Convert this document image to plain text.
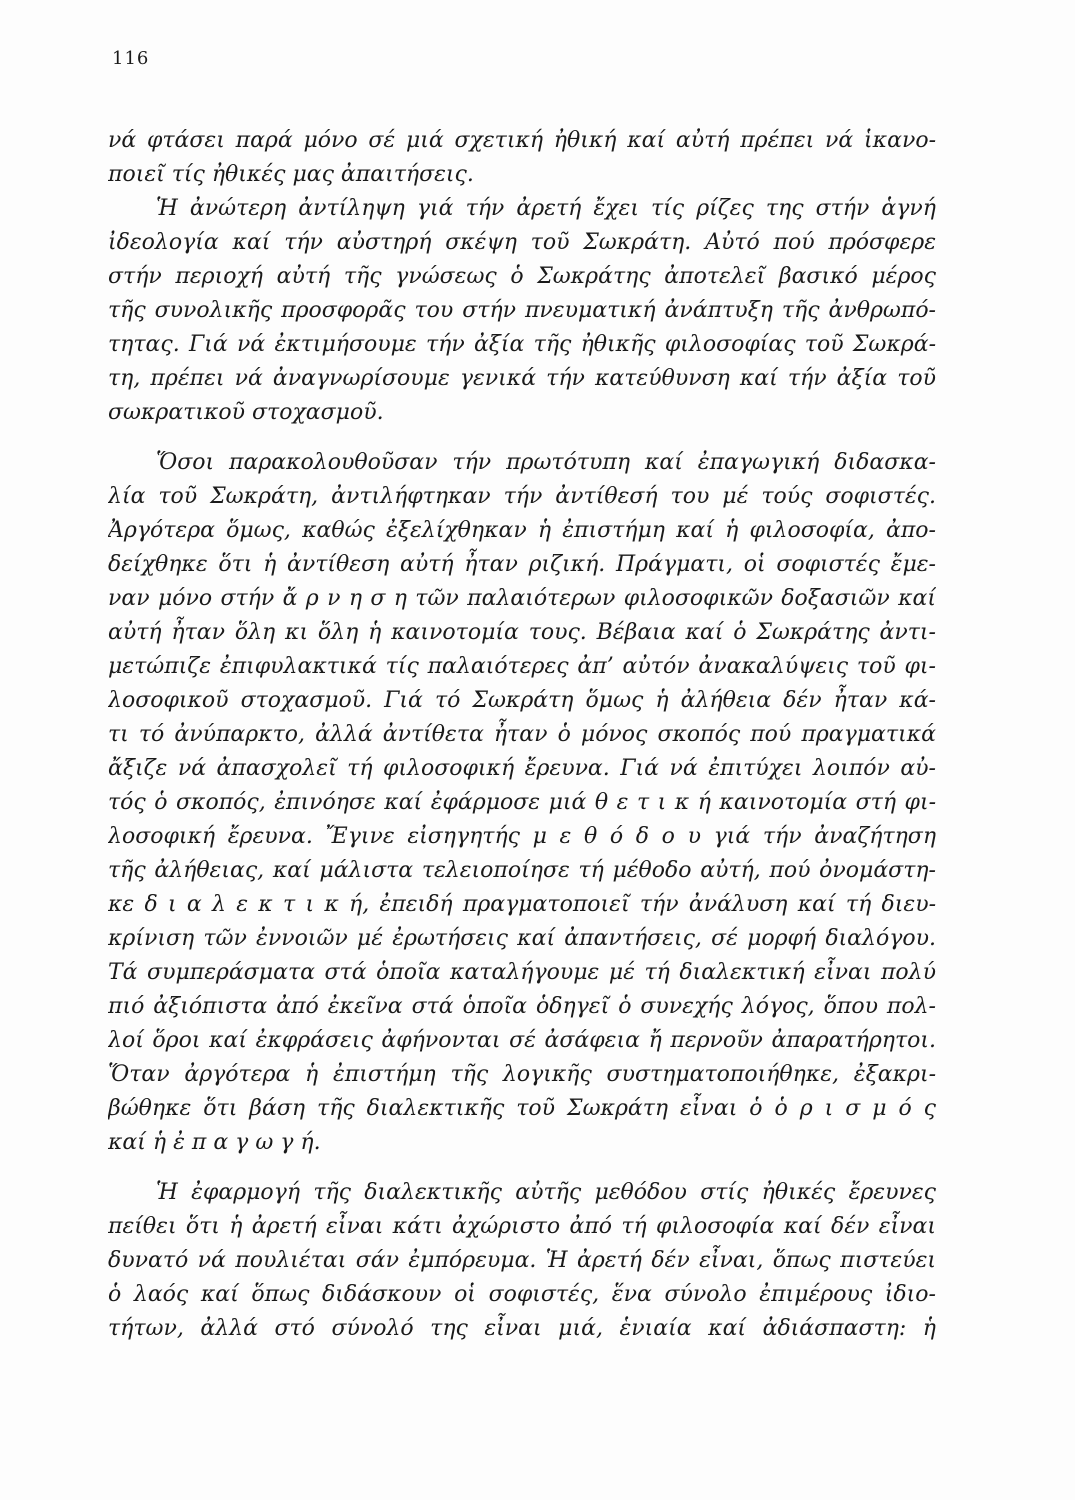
116
νά φτάσει παρά μόνο σέ μιά σχετική ἠθική καί αὐτή πρέπει νά ἱκανο-
ποιεῖ τίς ἠθικές μας ἀπαιτήσεις.
Ἡ ἀνώτερη ἀντίληψη γιά τήν ἀρετή ἔχει τίς ρίζες της στήν ἁγνή
ἰδεολογία καί τήν αὐστηρή σκέψη τοῦ Σωκράτη. Αὐτό πού πρόσφερε
στήν περιοχή αὐτή τῆς γνώσεως ὁ Σωκράτης ἀποτελεῖ βασικό μέρος
τῆς συνολικῆς προσφορᾶς του στήν πνευματική ἀνάπτυξη τῆς ἀνθρωπό-
τητας. Γιά νά ἐκτιμήσουμε τήν ἀξία τῆς ἠθικῆς φιλοσοφίας τοῦ Σωκρά-
τη, πρέπει νά ἀναγνωρίσουμε γενικά τήν κατεύθυνση καί τήν ἀξία τοῦ
σωκρατικοῦ στοχασμοῦ.
Ὅσοι παρακολουθοῦσαν τήν πρωτότυπη καί ἐπαγωγική διδασκα-
λία τοῦ Σωκράτη, ἀντιλήφτηκαν τήν ἀντίθεσή του μέ τούς σοφιστές.
Ἀργότερα ὅμως, καθώς ἐξελίχθηκαν ἡ ἐπιστήμη καί ἡ φιλοσοφία, ἀπο-
δείχθηκε ὅτι ἡ ἀντίθεση αὐτή ἦταν ριζική. Πράγματι, οἱ σοφιστές ἔμε-
ναν μόνο στήν ἄ ρ ν η σ η τῶν παλαιότερων φιλοσοφικῶν δοξασιῶν καί
αὐτή ἦταν ὅλη κι ὅλη ἡ καινοτομία τους. Βέβαια καί ὁ Σωκράτης ἀντι-
μετώπιζε ἐπιφυλακτικά τίς παλαιότερες ἀπ’ αὐτόν ἀνακαλύψεις τοῦ φι-
λοσοφικοῦ στοχασμοῦ. Γιά τό Σωκράτη ὅμως ἡ ἀλήθεια δέν ἦταν κά-
τι τό ἀνύπαρκτο, ἀλλά ἀντίθετα ἦταν ὁ μόνος σκοπός πού πραγματικά
ἄξιζε νά ἀπασχολεῖ τή φιλοσοφική ἔρευνα. Γιά νά ἐπιτύχει λοιπόν αὐ-
τός ὁ σκοπός, ἐπινόησε καί ἐφάρμοσε μιά θ ε τ ι κ ή καινοτομία στή φι-
λοσοφική ἔρευνα. Ἔγινε εἰσηγητής μ ε θ ό δ ο υ γιά τήν ἀναζήτηση
τῆς ἀλήθειας, καί μάλιστα τελειοποίησε τή μέθοδο αὐτή, πού ὀνομάστη-
κε δ ι α λ ε κ τ ι κ ή, ἐπειδή πραγματοποιεῖ τήν ἀνάλυση καί τή διευ-
κρίνιση τῶν ἐννοιῶν μέ ἐρωτήσεις καί ἀπαντήσεις, σέ μορφή διαλόγου.
Τά συμπεράσματα στά ὁποῖα καταλήγουμε μέ τή διαλεκτική εἶναι πολύ
πιό ἀξιόπιστα ἀπό ἐκεῖνα στά ὁποῖα ὁδηγεῖ ὁ συνεχής λόγος, ὅπου πολ-
λοί ὅροι καί ἐκφράσεις ἀφήνονται σέ ἀσάφεια ἤ περνοῦν ἀπαρατήρητοι.
Ὅταν ἀργότερα ἡ ἐπιστήμη τῆς λογικῆς συστηματοποιήθηκε, ἐξακρι-
βώθηκε ὅτι βάση τῆς διαλεκτικῆς τοῦ Σωκράτη εἶναι ὁ ὁ ρ ι σ μ ό ς
καί ἡ ἐ π α γ ω γ ή.
Ἡ ἐφαρμογή τῆς διαλεκτικῆς αὐτῆς μεθόδου στίς ἠθικές ἔρευνες
πείθει ὅτι ἡ ἀρετή εἶναι κάτι ἀχώριστο ἀπό τή φιλοσοφία καί δέν εἶναι
δυνατό νά πουλιέται σάν ἐμπόρευμα. Ἡ ἀρετή δέν εἶναι, ὅπως πιστεύει
ὁ λαός καί ὅπως διδάσκουν οἱ σοφιστές, ἕνα σύνολο ἐπιμέρους ἰδιο-
τήτων, ἀλλά στό σύνολό της εἶναι μιά, ἑνιαία καί ἀδιάσπαστη: ἡ
